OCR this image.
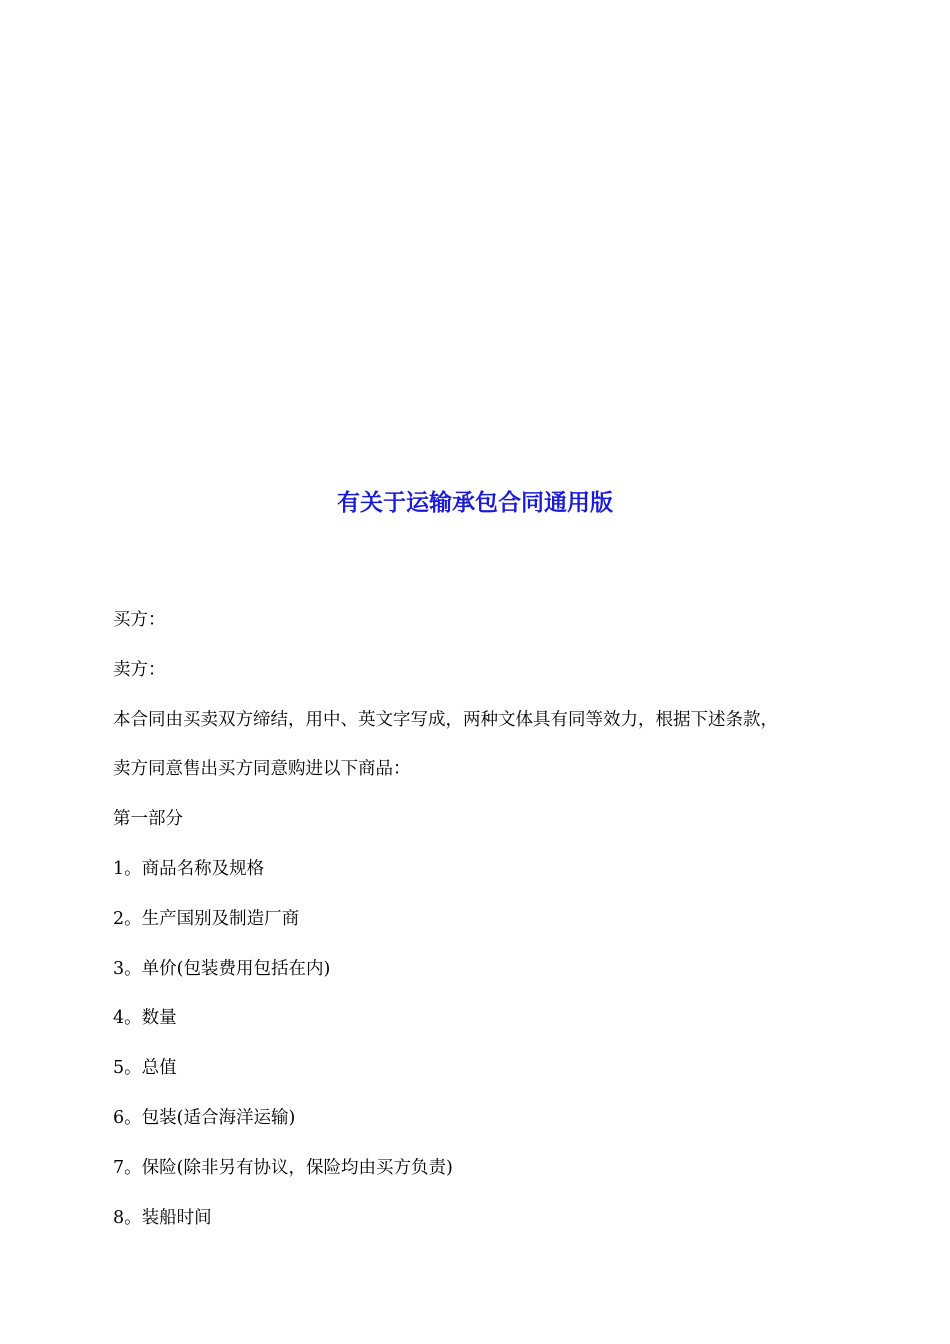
有关于运输承包合同通用版
买方：
卖方：
本合同由买卖双方缔结，用中、英文字写成，两种文体具有同等效力，根据下述条款，
卖方同意售出买方同意购进以下商品：
第一部分
1。商品名称及规格
2。生产国别及制造厂商
3。单价(包装费用包括在内)
4。数量
5。总值
6。包装(适合海洋运输)
7。保险(除非另有协议，保险均由买方负责)
8。装船时间
